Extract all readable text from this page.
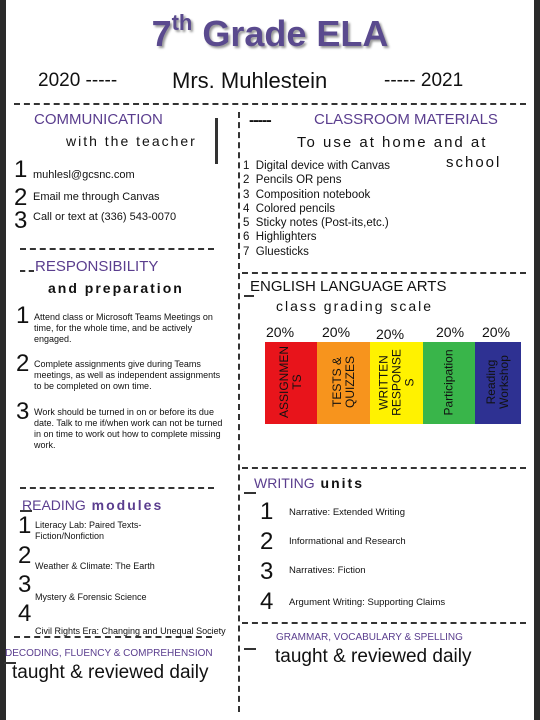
7th Grade ELA
2020 ----- Mrs. Muhlestein	----- 2021
COMMUNICATION
with the teacher
1 muhlesl@gcsnc.com
2 Email me through Canvas
3 Call or text at (336) 543-0070
RESPONSIBILITY
and preparation
1 Attend class or Microsoft Teams Meetings on time, for the whole time, and be actively engaged.
2 Complete assignments give during Teams meetings, as well as independent assignments to be completed on own time.
3 Work should be turned in on or before its due date. Talk to me if/when work can not be turned in on time to work out how to complete missing work.
READING modules
1 Literacy Lab: Paired Texts-Fiction/Nonfiction
2 Weather & Climate: The Earth
3 Mystery & Forensic Science
4
Civil Rights Era: Changing and Unequal Society
DECODING, FLUENCY & COMPREHENSION
taught & reviewed daily
-----	CLASSROOM MATERIALS
To use at home and at
school
1 Digital device with Canvas
2 Pencils OR pens
3 Composition notebook
4 Colored pencils
5 Sticky notes (Post-its,etc.)
6 Highlighters
7 Gluesticks
ENGLISH LANGUAGE ARTS
class grading scale
20% 20% 20% 20% 20%
ASSIGNMEN
TS TESTS &
QUIZZES WRITTEN
RESPONSE
S Participation Reading
Workshop
WRITING units
1 Narrative: Extended Writing
2 Informational and Research
3 Narratives: Fiction
4 Argument Writing: Supporting Claims
GRAMMAR, VOCABULARY & SPELLING
taught & reviewed daily
